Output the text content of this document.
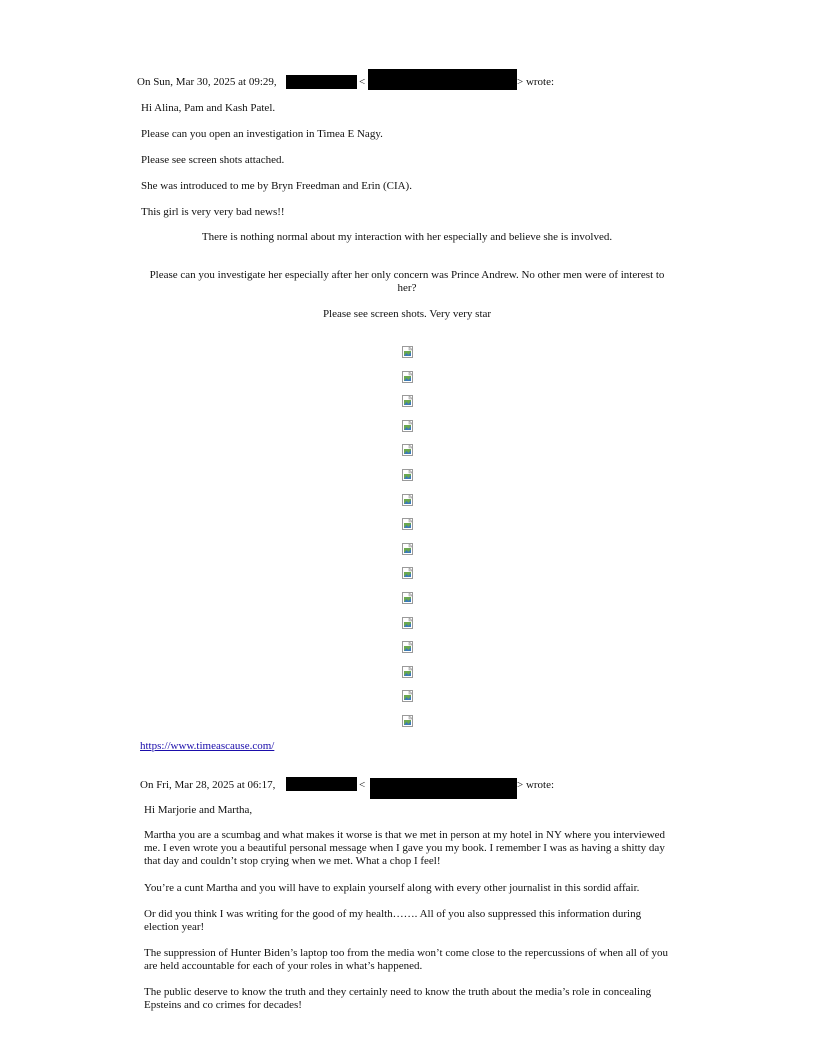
On Sun, Mar 30, 2025 at 09:29,	<	> wrote:
Hi Alina, Pam and Kash Patel.
Please can you open an investigation in Timea E Nagy.
Please see screen shots attached.
She was introduced to me by Bryn Freedman and Erin (CIA).
This girl is very very bad news!!
There is nothing normal about my interaction with her especially and believe she is involved.
Please can you investigate her especially after her only concern was Prince Andrew. No other men were of interest to her?
Please see screen shots. Very very star
https://www.timeascause.com/
On Fri, Mar 28, 2025 at 06:17,	<	> wrote:
Hi Marjorie and Martha,
Martha you are a scumbag and what makes it worse is that we met in person at my hotel in NY where you interviewed me. I even wrote you a beautiful personal message when I gave you my book. I remember I was as having a shitty day that day and couldn’t stop crying when we met. What a chop I feel!
You’re a cunt Martha and you will have to explain yourself along with every other journalist in this sordid affair.
Or did you think I was writing for the good of my health……. All of you also suppressed this information during election year!
The suppression of Hunter Biden’s laptop too from the media won’t come close to the repercussions of when all of you are held accountable for each of your roles in what’s happened.
The public deserve to know the truth and they certainly need to know the truth about the media’s role in concealing Epsteins and co crimes for decades!
